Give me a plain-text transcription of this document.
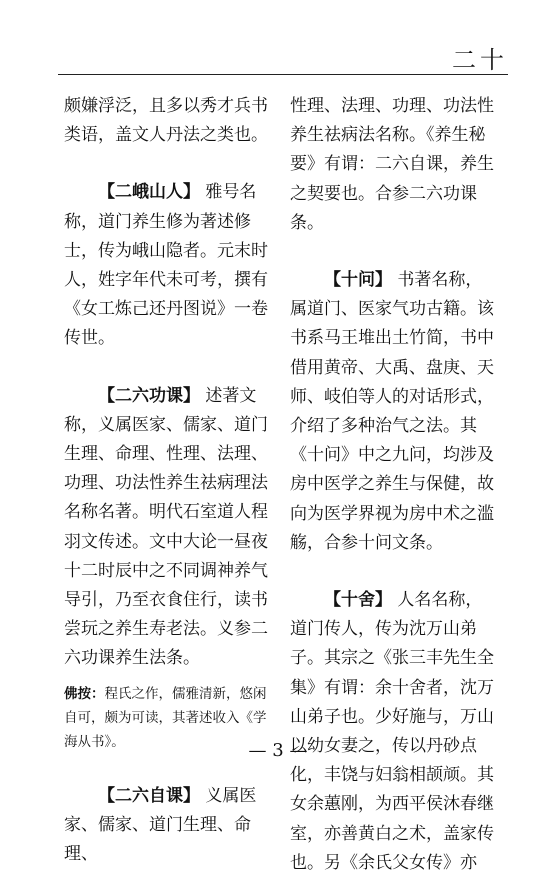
二十

颇嫌浮泛，且多以秀才兵书类语，盖文人丹法之类也。

【二峨山人】 雅号名称，道门养生修为著述修士，传为峨山隐者。元末时人，姓字年代未可考，撰有《女工炼己还丹图说》一卷传世。

【二六功课】 述著文称，义属医家、儒家、道门生理、命理、性理、法理、功理、功法性养生祛病理法名称名著。明代石室道人程羽文传述。文中大论一昼夜十二时辰中之不同调神养气导引，乃至衣食住行，读书尝玩之养生寿老法。义参二六功课养生法条。

佛按：程氏之作，儒雅清新，悠闲自可，颇为可读，其著述收入《学海从书》。

【二六自课】 义属医家、儒家、道门生理、命理、

性理、法理、功理、功法性养生祛病法名称。《养生秘要》有谓：二六自课，养生之契要也。合参二六功课条。

【十问】 书著名称，属道门、医家气功古籍。该书系马王堆出土竹简，书中借用黄帝、大禹、盘庚、天师、岐伯等人的对话形式，介绍了多种治气之法。其《十问》中之九问，均涉及房中医学之养生与保健，故向为医学界视为房中术之滥觞，合参十问文条。

【十舍】 人名名称，道门传人，传为沈万山弟子。其宗之《张三丰先生全集》有谓：余十舍者，沈万山弟子也。少好施与，万山以幼女妻之，传以丹砂点化，丰饶与妇翁相颉颃。其女余蕙刚，为西平侯沐春继室，亦善黄白之术，盖家传也。另《余氏父女传》亦

— 3 —
